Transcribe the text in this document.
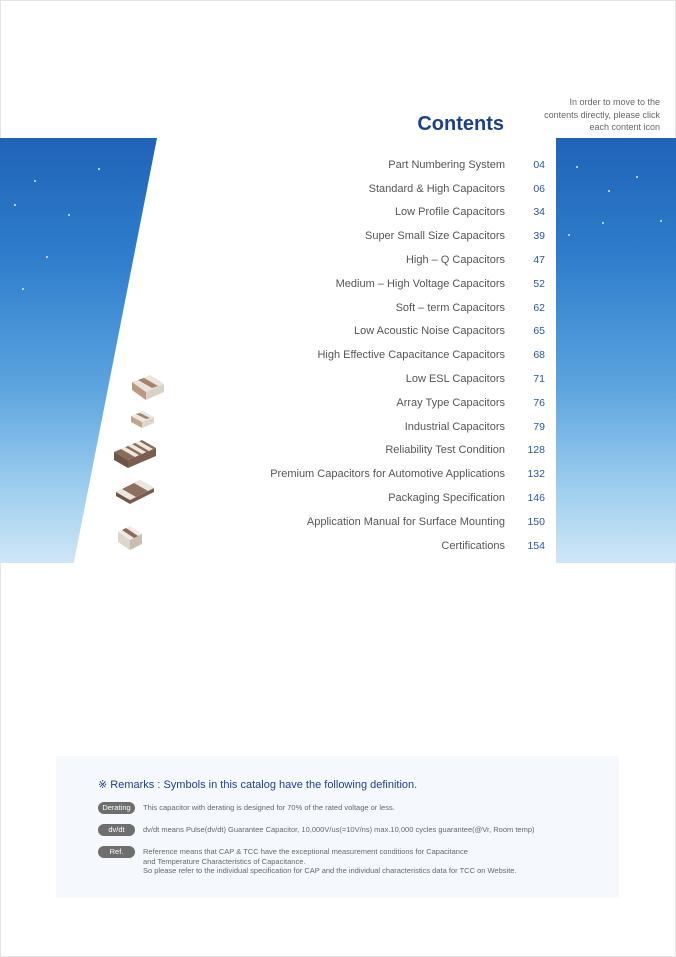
In order to move to the contents directly, please click each content icon
Contents
Part Numbering System	04
Standard & High Capacitors	06
Low Profile Capacitors	34
Super Small Size Capacitors	39
High – Q Capacitors	47
Medium – High Voltage Capacitors	52
Soft – term Capacitors	62
Low Acoustic Noise Capacitors	65
High Effective Capacitance Capacitors	68
Low ESL Capacitors	71
Array Type Capacitors	76
Industrial Capacitors	79
Reliability Test Condition	128
Premium Capacitors for Automotive Applications	132
Packaging Specification	146
Application Manual for Surface Mounting	150
Certifications	154
※ Remarks : Symbols in this catalog have the following definition.
Derating	This capacitor with derating is designed for 70% of the rated voltage or less.
dv/dt	dv/dt means Pulse(dv/dt) Guarantee Capacitor, 10,000V/us(=10V/ns) max.10,000 cycles guarantee(@Vr, Room temp)
Ref.	Reference means that CAP & TCC have the exceptional measurement conditions for Capacitance
and Temperature Characteristics of Capacitance.
So please refer to the individual specification for CAP and the individual characteristics data for TCC on Website.
